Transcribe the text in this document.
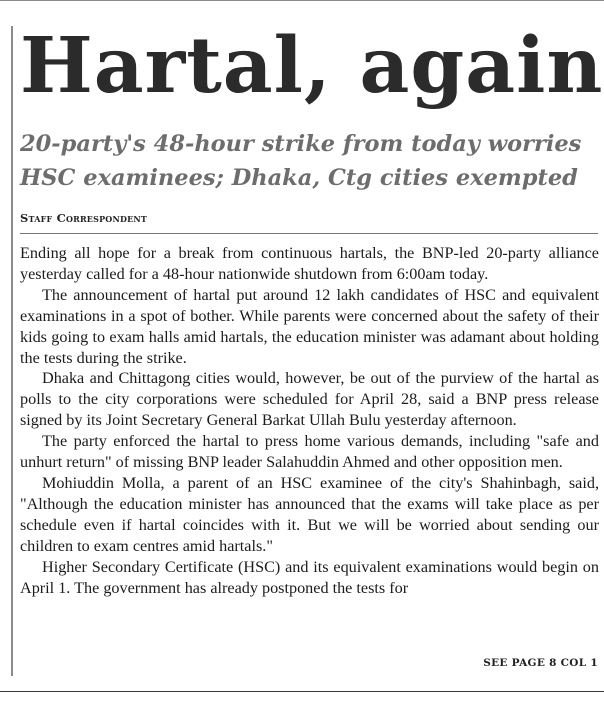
Hartal, again
20-party's 48-hour strike from today worries
HSC examinees; Dhaka, Ctg cities exempted
Staff Correspondent

Ending all hope for a break from continuous hartals, the BNP-led 20-party alliance yesterday called for a 48-hour nationwide shutdown from 6:00am today.

The announcement of hartal put around 12 lakh candidates of HSC and equivalent examinations in a spot of bother. While parents were concerned about the safety of their kids going to exam halls amid hartals, the education minister was adamant about holding the tests during the strike.

Dhaka and Chittagong cities would, however, be out of the purview of the hartal as polls to the city corporations were scheduled for April 28, said a BNP press release signed by its Joint Secretary General Barkat Ullah Bulu yesterday afternoon.

The party enforced the hartal to press home various demands, including "safe and unhurt return" of missing BNP leader Salahuddin Ahmed and other opposition men.

Mohiuddin Molla, a parent of an HSC examinee of the city's Shahinbagh, said, "Although the education minister has announced that the exams will take place as per schedule even if hartal coincides with it. But we will be worried about sending our children to exam centres amid hartals."

Higher Secondary Certificate (HSC) and its equivalent examinations would begin on April 1. The government has already postponed the tests for

SEE PAGE 8 COL 1
